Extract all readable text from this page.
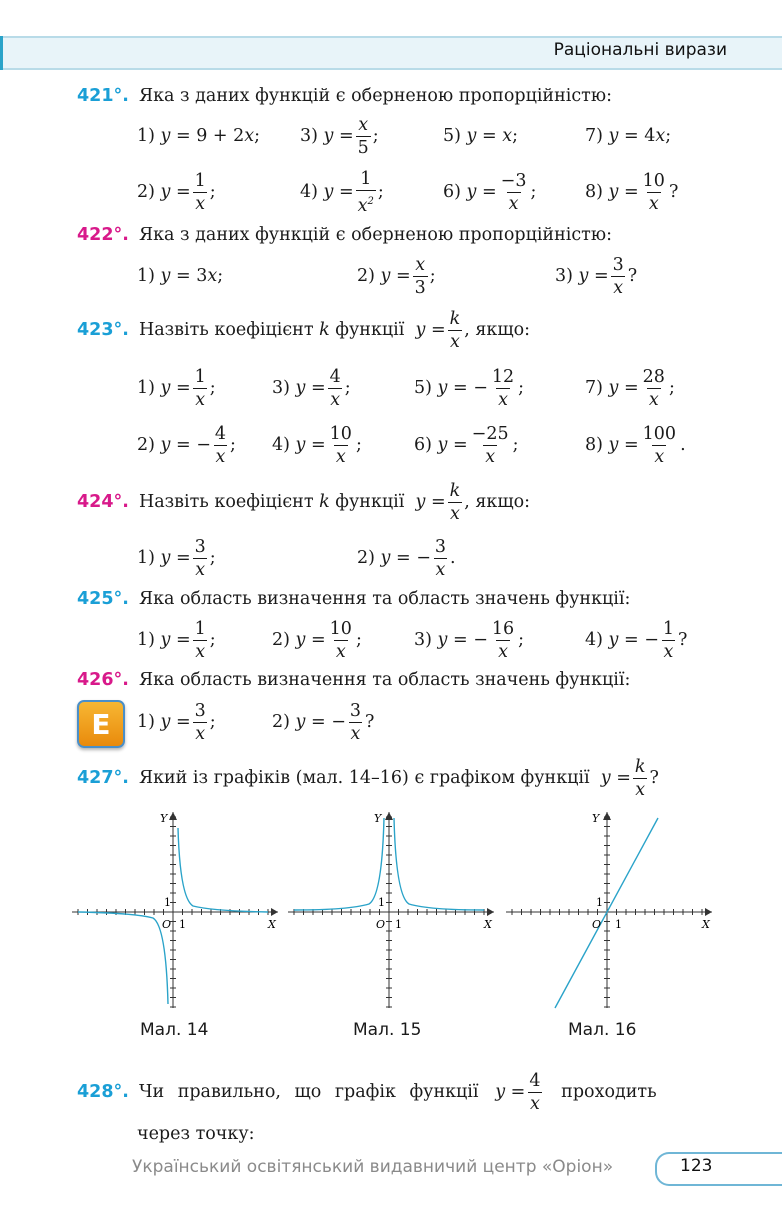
Раціональні вирази
421°. Яка з даних функцій є оберненою пропорційністю:
1) y = 9 + 2 x ; 3) $y = \frac{x}{5}$ ;	5) y = x ;	7) y = 4 x ;
2) $y = \frac{1}{x}$ ;	4) $y = \frac{1}{x^2}$ ;	6) $y = \frac{-3}{x}$ ;	8) $y = \frac{10}{x}$ ?
422°. Яка з даних функцій є оберненою пропорційністю:
1) y = 3 x ;	2) $y = \frac{x}{3}$ ;	3) $y = \frac{3}{x}$ ?
423°. Назвіть коефіцієнт
k
функції
$y = \frac{k}{x}$ , якщо:
1) $y = \frac{1}{x}$ ;	3) $y = \frac{4}{x}$ ;	5) y = − $\frac{12}{x}$ ;	7) $y = \frac{28}{x}$ ;
2) y = − $\frac{4}{x}$ ; 4) $y = \frac{10}{x}$ ;	6) $y = \frac{-25}{x}$ ;	8) $y = \frac{100}{x}$ .
424°. Назвіть коефіцієнт
k
функції
$y = \frac{k}{x}$ , якщо:
1) $y = \frac{3}{x}$ ;	2) y = − $\frac{3}{x}$ .
425°. Яка область визначення та область значень функції:
1) $y = \frac{1}{x}$ ;	2) $y = \frac{10}{x}$ ;	3) y = − $\frac{16}{x}$ ;	4) y = − $\frac{1}{x}$ ?
426°. Яка область визначення та область значень функції:
E	1) $y = \frac{3}{x}$ ;	2) y = − $\frac{3}{x}$ ?
427°. Який із графіків (мал. 14–16) є графіком функції
$y = \frac{k}{x}$ ?
Y
X
O 1
1
Y
X
O 1
1
Y
X
O 1
1
Мал. 14	Мал. 15	Мал. 16
428°. Чи правильно, що графік функції
$y = \frac{4}{x}$
проходить
через точку:
Український освітянський видавничий центр «Оріон»	123
